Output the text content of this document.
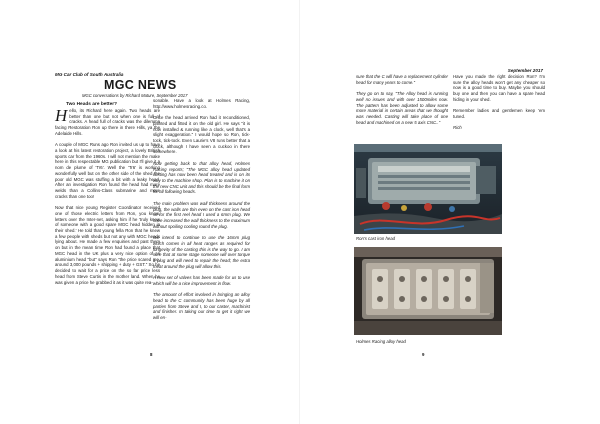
MG Car Club of South Australia
MGC NEWS
MGC conversations by Richard Mature, September 2017
Two Heads are better?

Hello, its Richard here again. Two heads are better than one but not when one is full of cracks. A head full of cracks was the dilemma facing Restoration Ron up there in there Hills, ya the Adelaide Hills.

A couple of MGC Runs ago Ron invited us up to have a look at his latest restoration project, a lovely British sports car from the 1960s. I will not mention the make here in this respectable MG publication but I'll give it a nom de plume of 'Tr6'. Well the 'Tr6' is working wonderfully well but on the other side of the shed the poor old MGC was stuffing a bit with a leaky head. After an investigation Ron found the head had more welds than a Collins-Class submarine and more cracks than one too!

Now that nice young Register Coordinator received one of those electric letters from Ron, you know, letters over the Inter-net, asking him if he 'truly knew of someone with a good spare MGC head hidden in their shed.' He told that young fella Ron that he knew a few people with sheds but not any with MGC heads lying about. He made a few enquiries and past them on but in the mean time Ron had found a place that MGC head in the UK plus a very nice option of an aluminium head "but" says Ron "the price scared me, around 3,000 pounds + shipping + duty + GST." So he decided to wait for a price on the so far price less head from Steve Curtis in the mother land. When he was given a price he grabbed it as it was quite rea-

sonable. Have a look at Holmes Racing, http://www.holmesracing.co.

Once the head arrived Ron had it reconditioned, painted and fitted it on the old girl. He says "it is now installed & running like a clock, well that's a slight exaggeration." I would hope so Ron, tick-tock, tick-tock. Even Laurie's V8 runs better that a clock, although I have seen a cuckoo in there somewhere.

Now getting back to that alloy head, Holmes Racing reports; "The MGC alloy head updated casting has now been head treated and is on its way to the machine shop. Plan is to machine it on the new CNC unit and this should be the final form for all following heads.

The main problem was wall thickness around the plug, the walls are thin even on the cast iron head so for the first reel head I used a 6mm plug. We have increased the wall thickness to the maximum without spoiling cooling round the plug.

We intend to continue to use the 16mm plug which comes in all heat ranges as required for longevity of the casting this is the way to go. I am sure that at some stage someone will over torque a plug and will need to repair the head; the extra meat around the plug will allow this.

A new set of valves has been made for us to use which will be a nice improvement in flow.

The amount of effort involved in bringing an alloy head to the C community has been huge by all parties from Steve and I, to our caster, machinist and finisher. In taking our time to get it right we will en-

8
September 2017

sure that the C will have a replacement cylinder head for many years to come."

They go on to say, "The Alloy head is running well no issues and with over 1500miles now. The pattern has been adjusted to allow some more material in certain areas that we thought was needed. Casting will take place of one head and machined on a new 5 axis CNC.."

Have you made the right decision Ron? I'm sure the alloy heads won't get any cheaper so now is a good time to buy. Maybe you should buy one and then you can have a spare head hiding in your shed.

Remember ladies and gentlemen keep 'em tuned.

Rich

Ron's cast iron head
Holmes Racing alloy head
9
